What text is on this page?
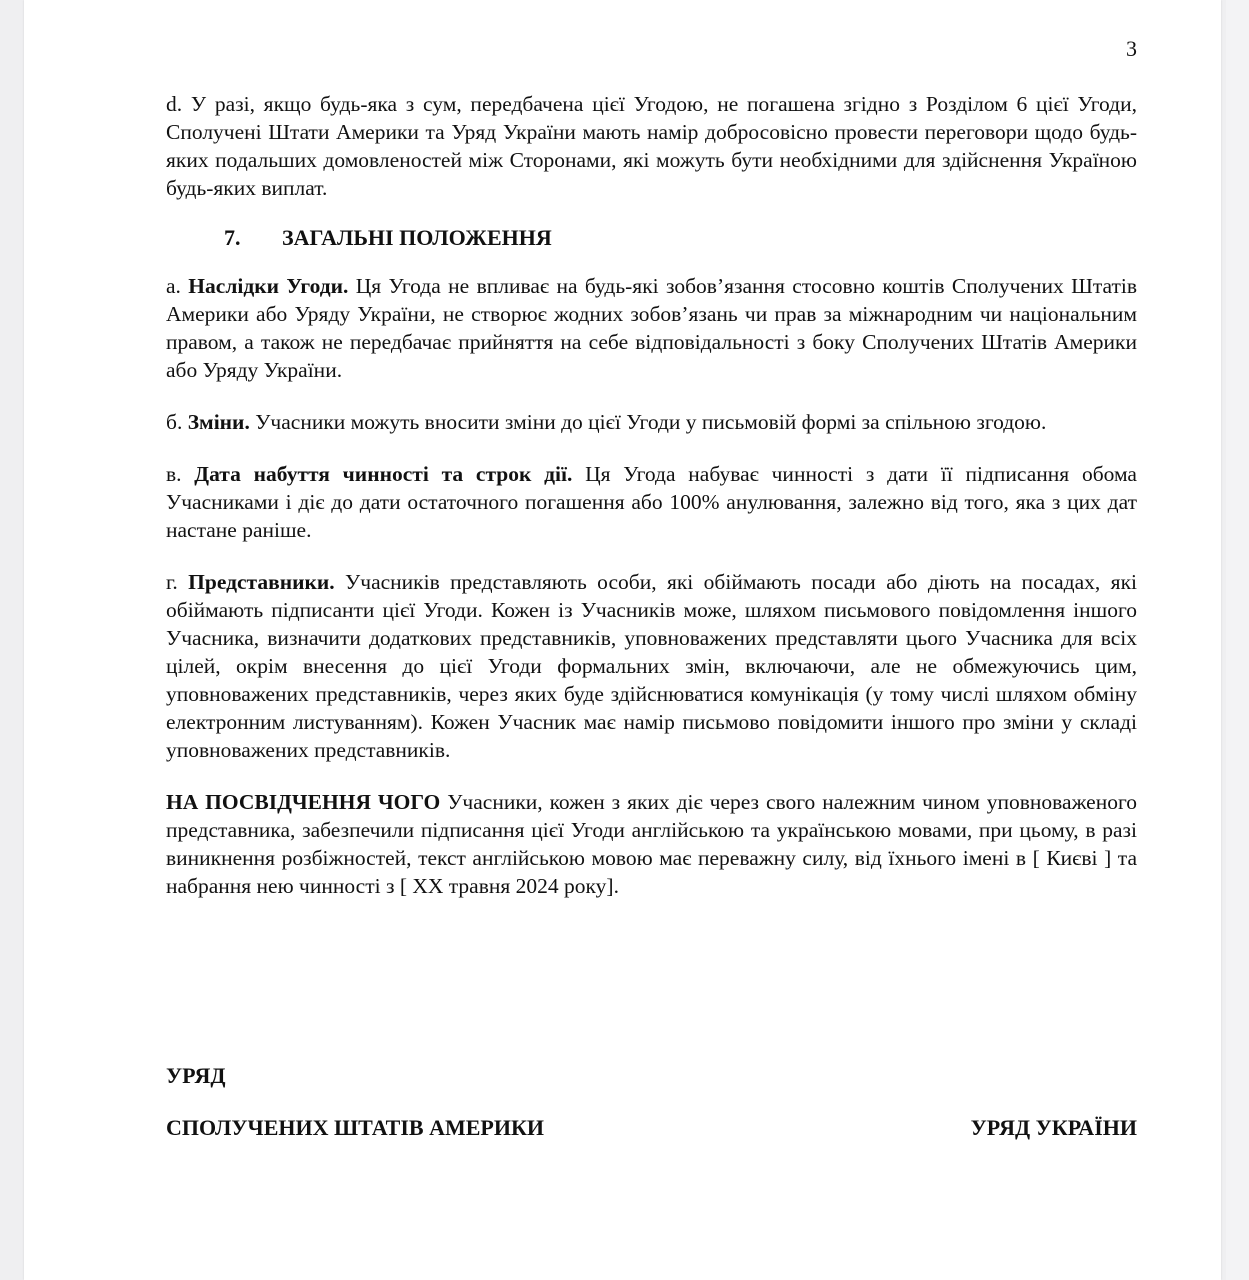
3

d. У разі, якщо будь-яка з сум, передбачена цієї Угодою, не погашена згідно з Розділом 6 цієї Угоди, Сполучені Штати Америки та Уряд України мають намір добросовісно провести переговори щодо будь-яких подальших домовленостей між Сторонами, які можуть бути необхідними для здійснення Україною будь-яких виплат.

7.	ЗАГАЛЬНІ ПОЛОЖЕННЯ

a. Наслідки Угоди. Ця Угода не впливає на будь-які зобов’язання стосовно коштів Сполучених Штатів Америки або Уряду України, не створює жодних зобов’язань чи прав за міжнародним чи національним правом, а також не передбачає прийняття на себе відповідальності з боку Сполучених Штатів Америки або Уряду України.

б. Зміни. Учасники можуть вносити зміни до цієї Угоди у письмовій формі за спільною згодою.

в. Дата набуття чинності та строк дії. Ця Угода набуває чинності з дати її підписання обома Учасниками і діє до дати остаточного погашення або 100% анулювання, залежно від того, яка з цих дат настане раніше.

г. Представники. Учасників представляють особи, які обіймають посади або діють на посадах, які обіймають підписанти цієї Угоди. Кожен із Учасників може, шляхом письмового повідомлення іншого Учасника, визначити додаткових представників, уповноважених представляти цього Учасника для всіх цілей, окрім внесення до цієї Угоди формальних змін, включаючи, але не обмежуючись цим, уповноважених представників, через яких буде здійснюватися комунікація (у тому числі шляхом обміну електронним листуванням). Кожен Учасник має намір письмово повідомити іншого про зміни у складі уповноважених представників.

НА ПОСВІДЧЕННЯ ЧОГО Учасники, кожен з яких діє через свого належним чином уповноваженого представника, забезпечили підписання цієї Угоди англійською та українською мовами, при цьому, в разі виникнення розбіжностей, текст англійською мовою має переважну силу, від їхнього імені в [ Києві ] та набрання нею чинності з [ XX травня 2024 року].

УРЯД
СПОЛУЧЕНИХ ШТАТІВ АМЕРИКИ	УРЯД УКРАЇНИ
